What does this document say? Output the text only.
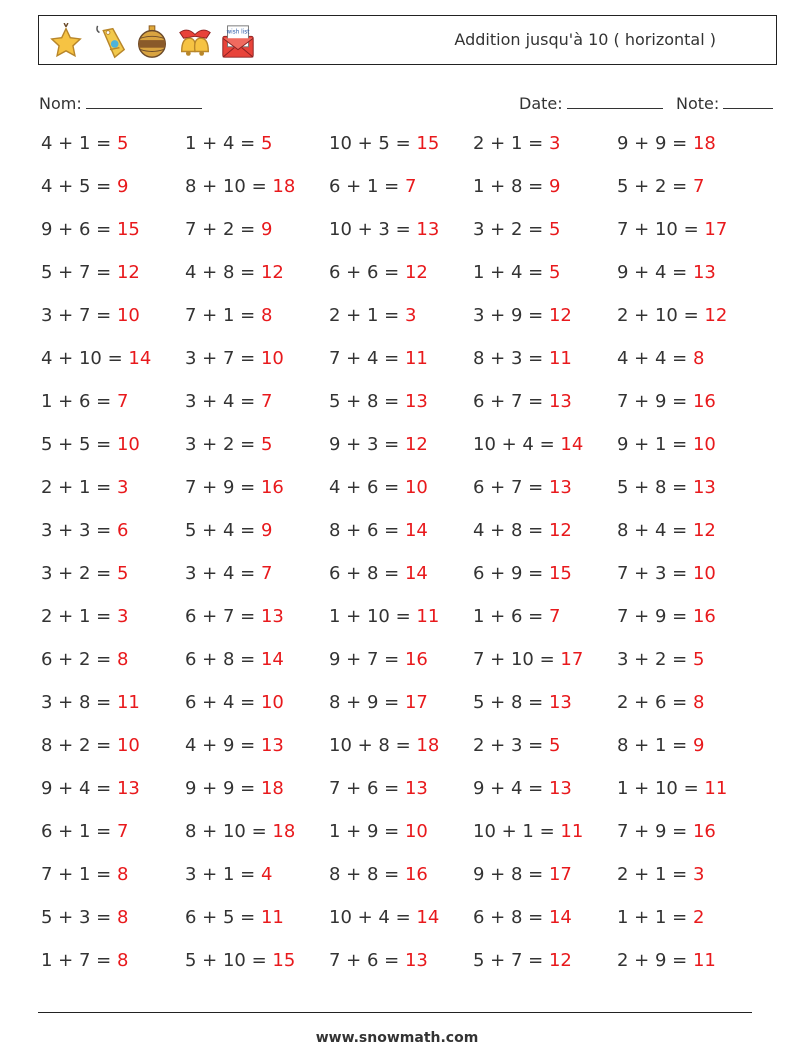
wish list	Addition jusqu'à 10 ( horizontal )
Nom:	Date:	Note:
4 + 1 = 5	1 + 4 = 5	10 + 5 = 15 2 + 1 = 3	9 + 9 = 18
4 + 5 = 9	8 + 10 = 18 6 + 1 = 7	1 + 8 = 9	5 + 2 = 7
9 + 6 = 15	7 + 2 = 9	10 + 3 = 13 3 + 2 = 5	7 + 10 = 17
5 + 7 = 12	4 + 8 = 12	6 + 6 = 12	1 + 4 = 5	9 + 4 = 13
3 + 7 = 10	7 + 1 = 8	2 + 1 = 3	3 + 9 = 12	2 + 10 = 12
4 + 10 = 14 3 + 7 = 10	7 + 4 = 11	8 + 3 = 11	4 + 4 = 8
1 + 6 = 7	3 + 4 = 7	5 + 8 = 13	6 + 7 = 13	7 + 9 = 16
5 + 5 = 10	3 + 2 = 5	9 + 3 = 12	10 + 4 = 14 9 + 1 = 10
2 + 1 = 3	7 + 9 = 16	4 + 6 = 10	6 + 7 = 13	5 + 8 = 13
3 + 3 = 6	5 + 4 = 9	8 + 6 = 14	4 + 8 = 12	8 + 4 = 12
3 + 2 = 5	3 + 4 = 7	6 + 8 = 14	6 + 9 = 15	7 + 3 = 10
2 + 1 = 3	6 + 7 = 13	1 + 10 = 11 1 + 6 = 7	7 + 9 = 16
6 + 2 = 8	6 + 8 = 14	9 + 7 = 16	7 + 10 = 17 3 + 2 = 5
3 + 8 = 11	6 + 4 = 10	8 + 9 = 17	5 + 8 = 13	2 + 6 = 8
8 + 2 = 10	4 + 9 = 13	10 + 8 = 18 2 + 3 = 5	8 + 1 = 9
9 + 4 = 13	9 + 9 = 18	7 + 6 = 13	9 + 4 = 13	1 + 10 = 11
6 + 1 = 7	8 + 10 = 18 1 + 9 = 10	10 + 1 = 11 7 + 9 = 16
7 + 1 = 8	3 + 1 = 4	8 + 8 = 16	9 + 8 = 17	2 + 1 = 3
5 + 3 = 8	6 + 5 = 11	10 + 4 = 14 6 + 8 = 14	1 + 1 = 2
1 + 7 = 8	5 + 10 = 15 7 + 6 = 13	5 + 7 = 12	2 + 9 = 11
www.snowmath.com
